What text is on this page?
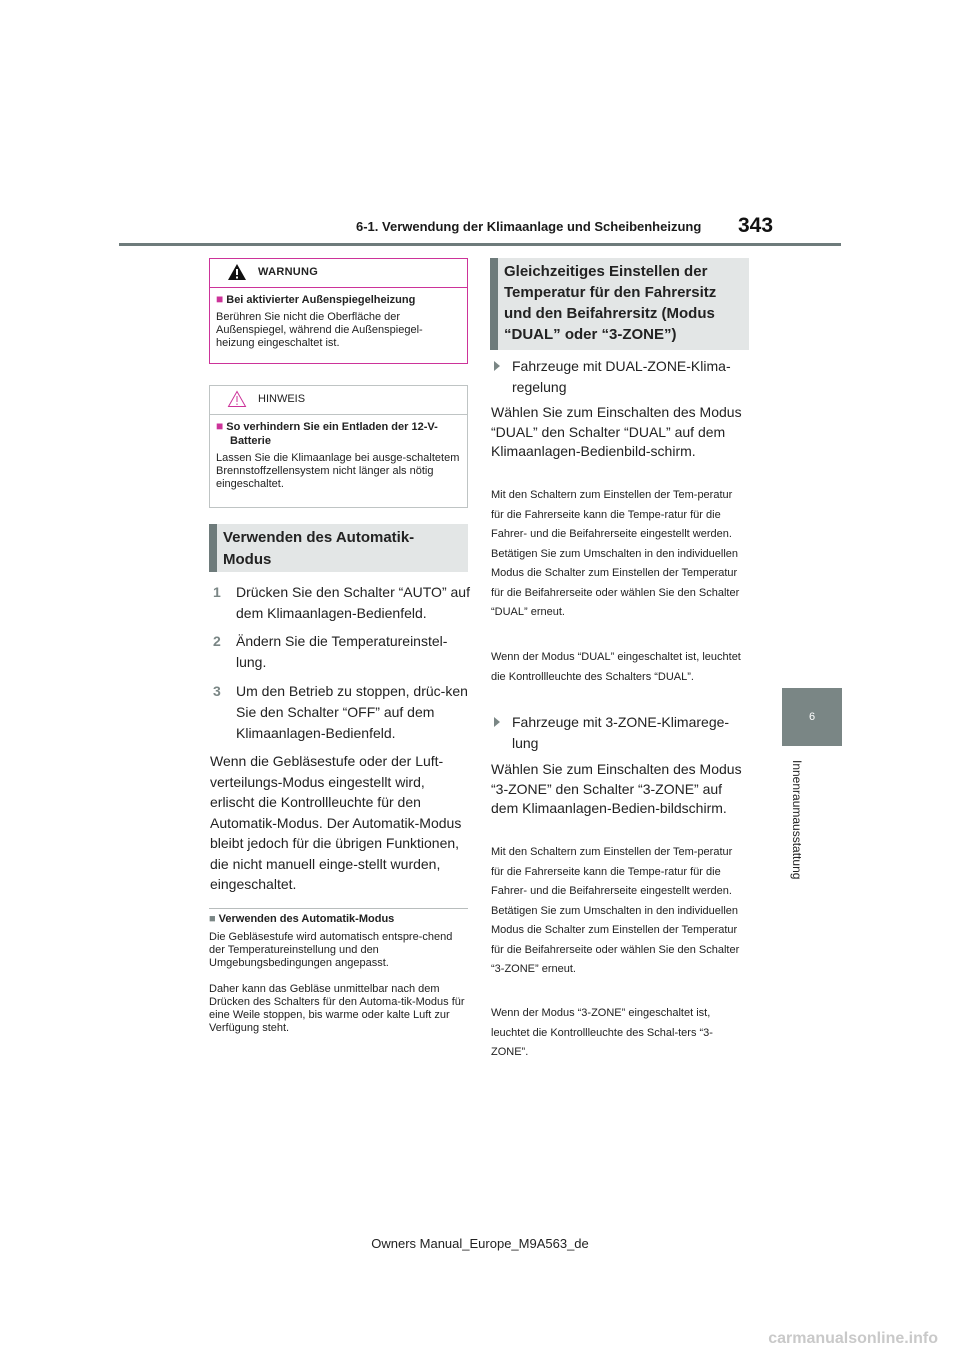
6-1. Verwendung der Klimaanlage und Scheibenheizung 343
6
Innenraumausstattung
WARNUNG
■ Bei aktivierter Außenspiegelheizung
Berühren Sie nicht die Oberfläche der Außenspiegel, während die Außenspiegel-heizung eingeschaltet ist.
HINWEIS
■ So verhindern Sie ein Entladen der 12-V-Batterie
Lassen Sie die Klimaanlage bei ausge-schaltetem Brennstoffzellensystem nicht länger als nötig eingeschaltet.
Verwenden des Automatik-Modus
1 Drücken Sie den Schalter “AUTO” auf dem Klimaanlagen-Bedienfeld.
2 Ändern Sie die Temperatureinstel-lung.
3 Um den Betrieb zu stoppen, drüc-ken Sie den Schalter “OFF” auf dem Klimaanlagen-Bedienfeld.
Wenn die Gebläsestufe oder der Luft-verteilungs-Modus eingestellt wird, erlischt die Kontrollleuchte für den Automatik-Modus. Der Automatik-Modus bleibt jedoch für die übrigen Funktionen, die nicht manuell einge-stellt wurden, eingeschaltet.
■ Verwenden des Automatik-Modus
Die Gebläsestufe wird automatisch entspre-chend der Temperatureinstellung und den Umgebungsbedingungen angepasst.
Daher kann das Gebläse unmittelbar nach dem Drücken des Schalters für den Automa-tik-Modus für eine Weile stoppen, bis warme oder kalte Luft zur Verfügung steht.
Gleichzeitiges Einstellen der Temperatur für den Fahrersitz und den Beifahrersitz (Modus “DUAL” oder “3-ZONE”)
Fahrzeuge mit DUAL-ZONE-Klima-regelung
Wählen Sie zum Einschalten des Modus “DUAL” den Schalter “DUAL” auf dem Klimaanlagen-Bedienbild-schirm.
Mit den Schaltern zum Einstellen der Tem-peratur für die Fahrerseite kann die Tempe-ratur für die Fahrer- und die Beifahrerseite eingestellt werden. Betätigen Sie zum Umschalten in den individuellen Modus die Schalter zum Einstellen der Temperatur für die Beifahrerseite oder wählen Sie den Schalter “DUAL” erneut.
Wenn der Modus “DUAL” eingeschaltet ist, leuchtet die Kontrollleuchte des Schalters “DUAL”.
Fahrzeuge mit 3-ZONE-Klimarege-lung
Wählen Sie zum Einschalten des Modus “3-ZONE” den Schalter “3-ZONE” auf dem Klimaanlagen-Bedien-bildschirm.
Mit den Schaltern zum Einstellen der Tem-peratur für die Fahrerseite kann die Tempe-ratur für die Fahrer- und die Beifahrerseite eingestellt werden. Betätigen Sie zum Umschalten in den individuellen Modus die Schalter zum Einstellen der Temperatur für die Beifahrerseite oder wählen Sie den Schalter “3-ZONE” erneut.
Wenn der Modus “3-ZONE” eingeschaltet ist, leuchtet die Kontrollleuchte des Schal-ters “3-ZONE”.
Owners Manual_Europe_M9A563_de
carmanualsonline.info
